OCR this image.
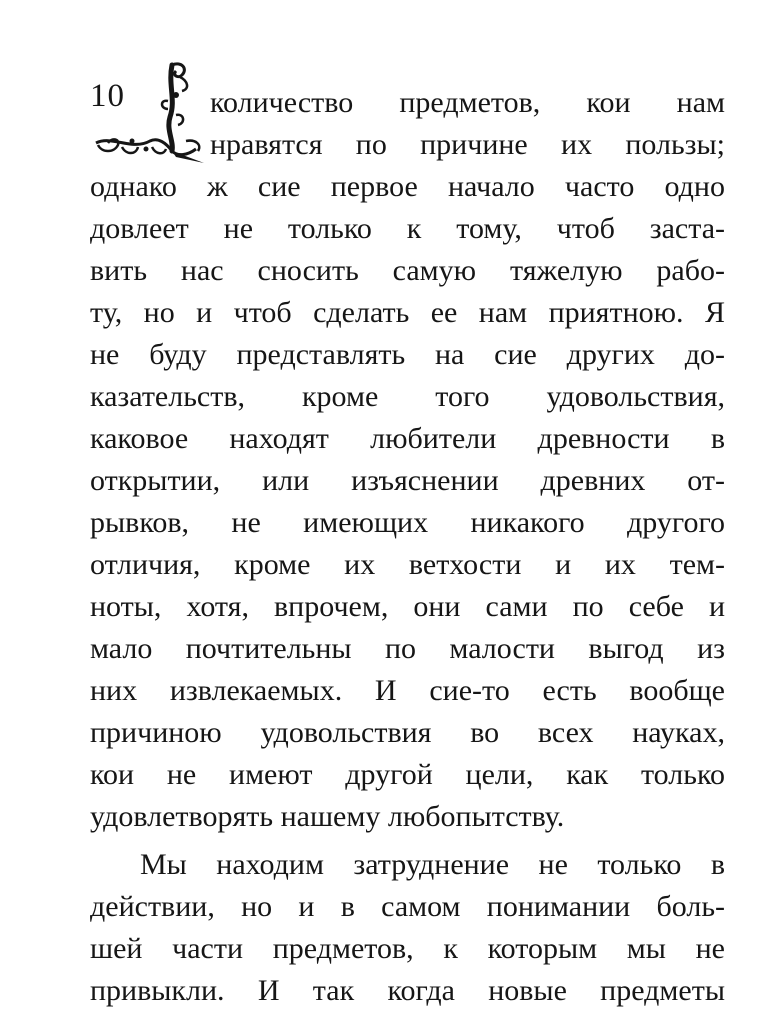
10	количество предметов, кои нам
нравятся по причине их пользы;
однако ж сие первое начало часто одно
довлеет не только к тому, чтоб заста-
вить нас сносить самую тяжелую рабо-
ту, но и чтоб сделать ее нам приятною. Я
не буду представлять на сие других до-
казательств, кроме того удовольствия,
каковое находят любители древности в
открытии, или изъяснении древних от-
рывков, не имеющих никакого другого
отличия, кроме их ветхости и их тем-
ноты, хотя, впрочем, они сами по себе и
мало почтительны по малости выгод из
них извлекаемых. И сие-то есть вообще
причиною удовольствия во всех науках,
кои не имеют другой цели, как только
удовлетворять нашему любопытству.
Мы находим затруднение не только в
действии, но и в самом понимании боль-
шей части предметов, к которым мы не
привыкли. И так когда новые предметы
